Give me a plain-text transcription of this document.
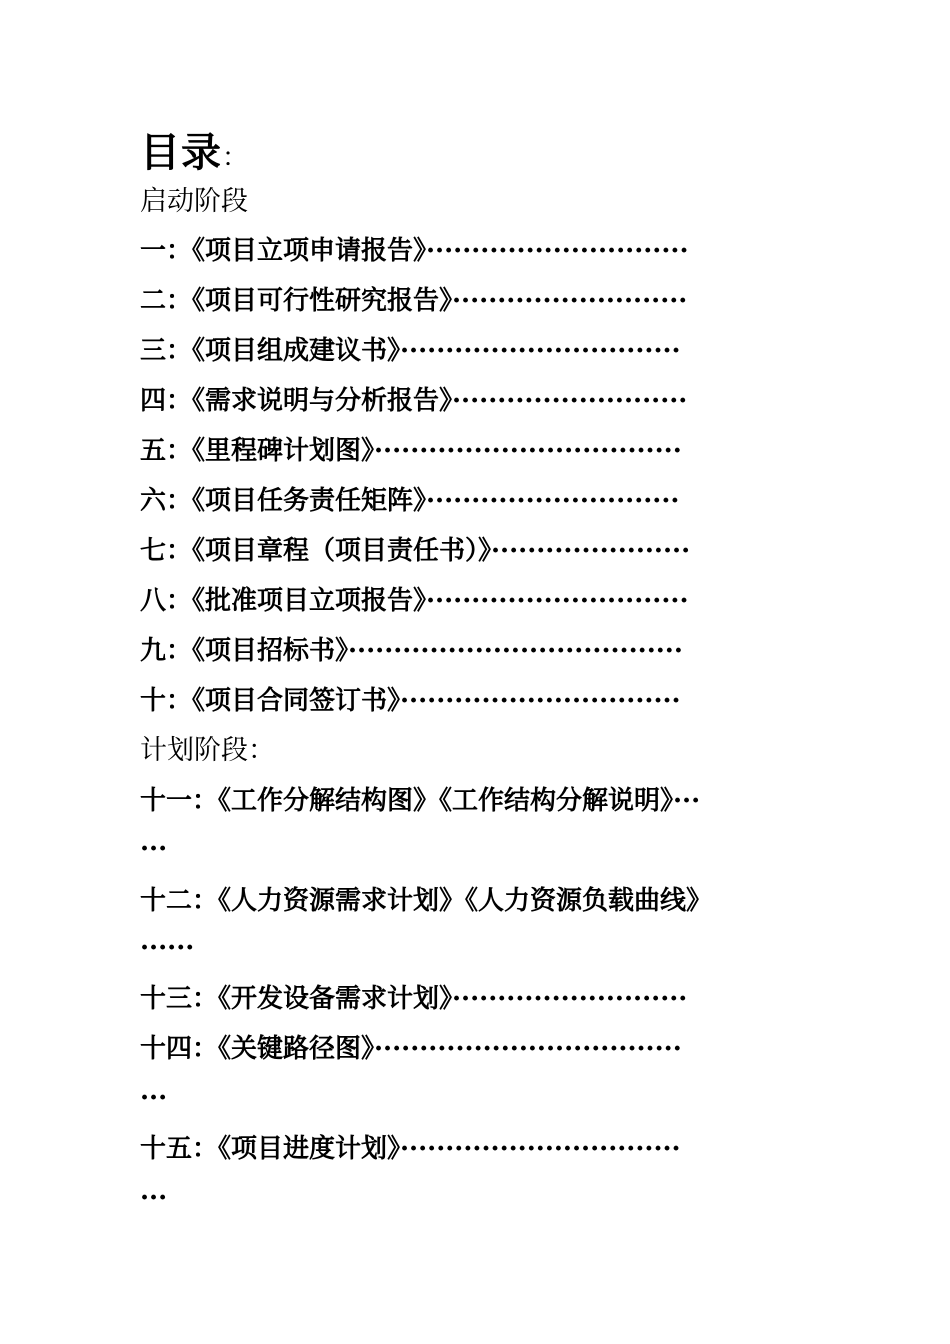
目录：
启动阶段
一：《项目立项申请报告》·····························
二：《项目可行性研究报告》··························
三：《项目组成建议书》·······························
四：《需求说明与分析报告》··························
五：《里程碑计划图》··································
六：《项目任务责任矩阵》····························
七：《项目章程（项目责任书）》······················
八：《批准项目立项报告》·····························
九：《项目招标书》·····································
十：《项目合同签订书》·······························
计划阶段：
十一：《工作分解结构图》《工作结构分解说明》···
···
十二：《人力资源需求计划》《人力资源负载曲线》
······
十三：《开发设备需求计划》··························
十四：《关键路径图》··································
···
十五：《项目进度计划》·······························
···
